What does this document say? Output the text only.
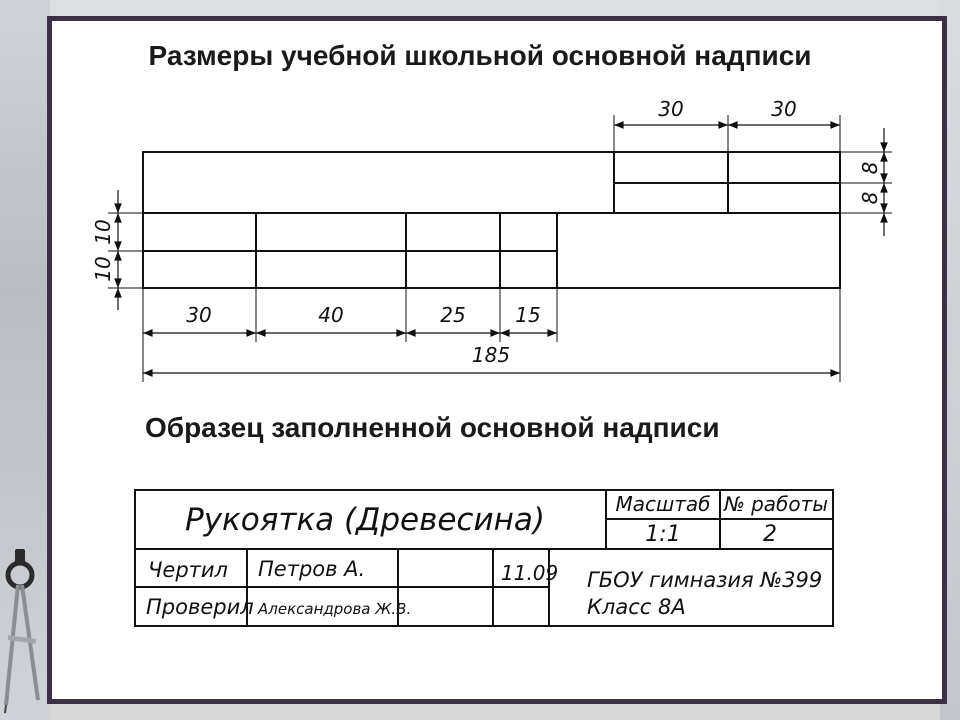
Размеры учебной школьной основной надписи
Образец заполненной основной надписи
30	30
8
8
10
10
30	40	25 15
185
Рукоятка (Древесина)	Масштаб № работы
1:1	2
Чертил Петров А.	11.09
Проверил Александрова Ж.В.
ГБОУ гимназия №399
Класс 8А
